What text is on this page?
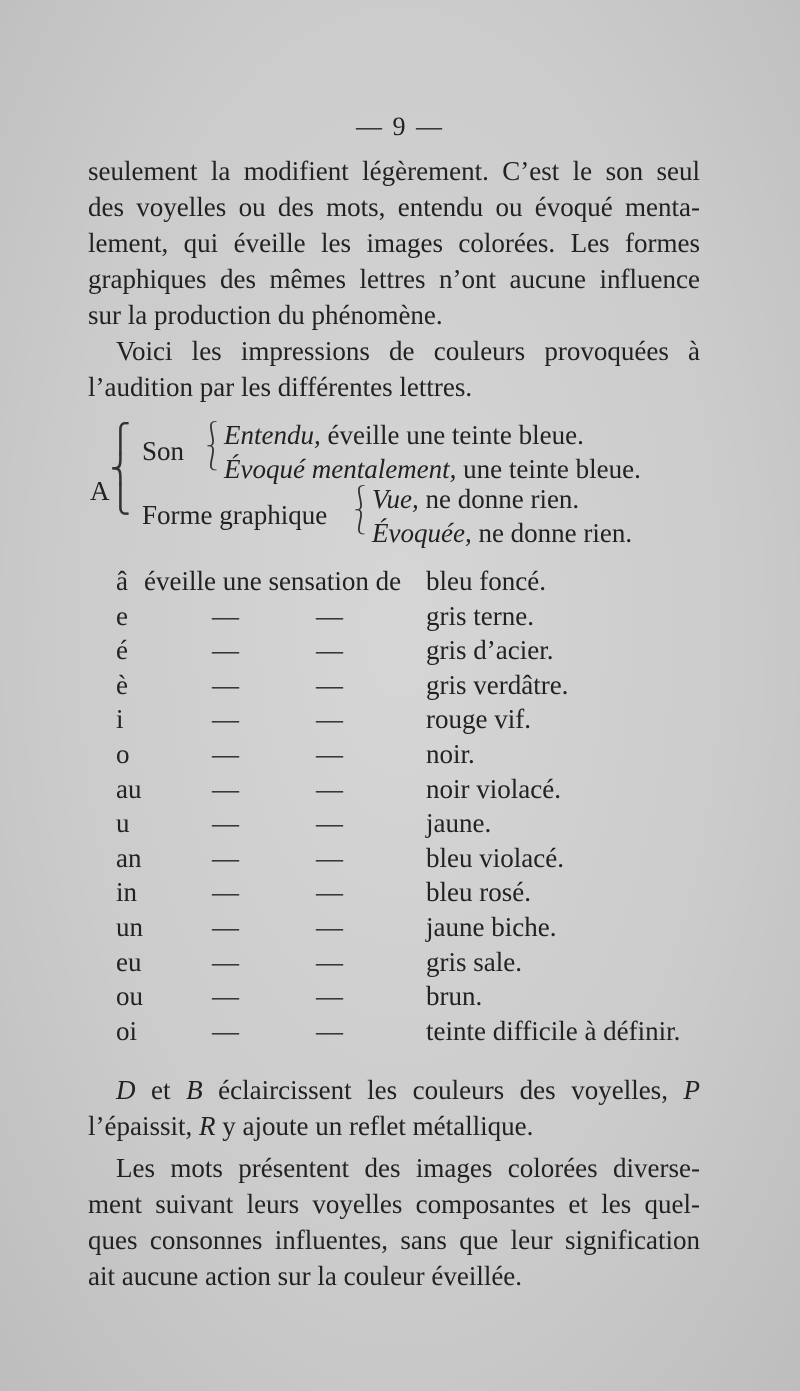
— 9 —

seulement la modifient légèrement. C’est le son seul
des voyelles ou des mots, entendu ou évoqué menta-
lement, qui éveille les images colorées. Les formes
graphiques des mêmes lettres n’ont aucune influence
sur la production du phénomène.

Voici les impressions de couleurs provoquées à
l’audition par les différentes lettres.

A
⎧
⎨
⎩
Son
⎰
⎱
Entendu, éveille une teinte bleue.
Évoqué mentalement, une teinte bleue.
Forme graphique
⎰
⎱
Vue, ne donne rien.
Évoquée, ne donne rien.
â éveille une sensation de bleu foncé.
e	—	—	gris terne.
é	—	—	gris d’acier.
è	—	—	gris verdâtre.
i	—	—	rouge vif.
o	—	—	noir.
au	—	—	noir violacé.
u	—	—	jaune.
an	—	—	bleu violacé.
in	—	—	bleu rosé.
un	—	—	jaune biche.
eu	—	—	gris sale.
ou	—	—	brun.
oi	—	—	teinte difficile à définir.

D et B éclaircissent les couleurs des voyelles, P
l’épaissit, R y ajoute un reflet métallique.

Les mots présentent des images colorées diverse-
ment suivant leurs voyelles composantes et les quel-
ques consonnes influentes, sans que leur signification
ait aucune action sur la couleur éveillée.
